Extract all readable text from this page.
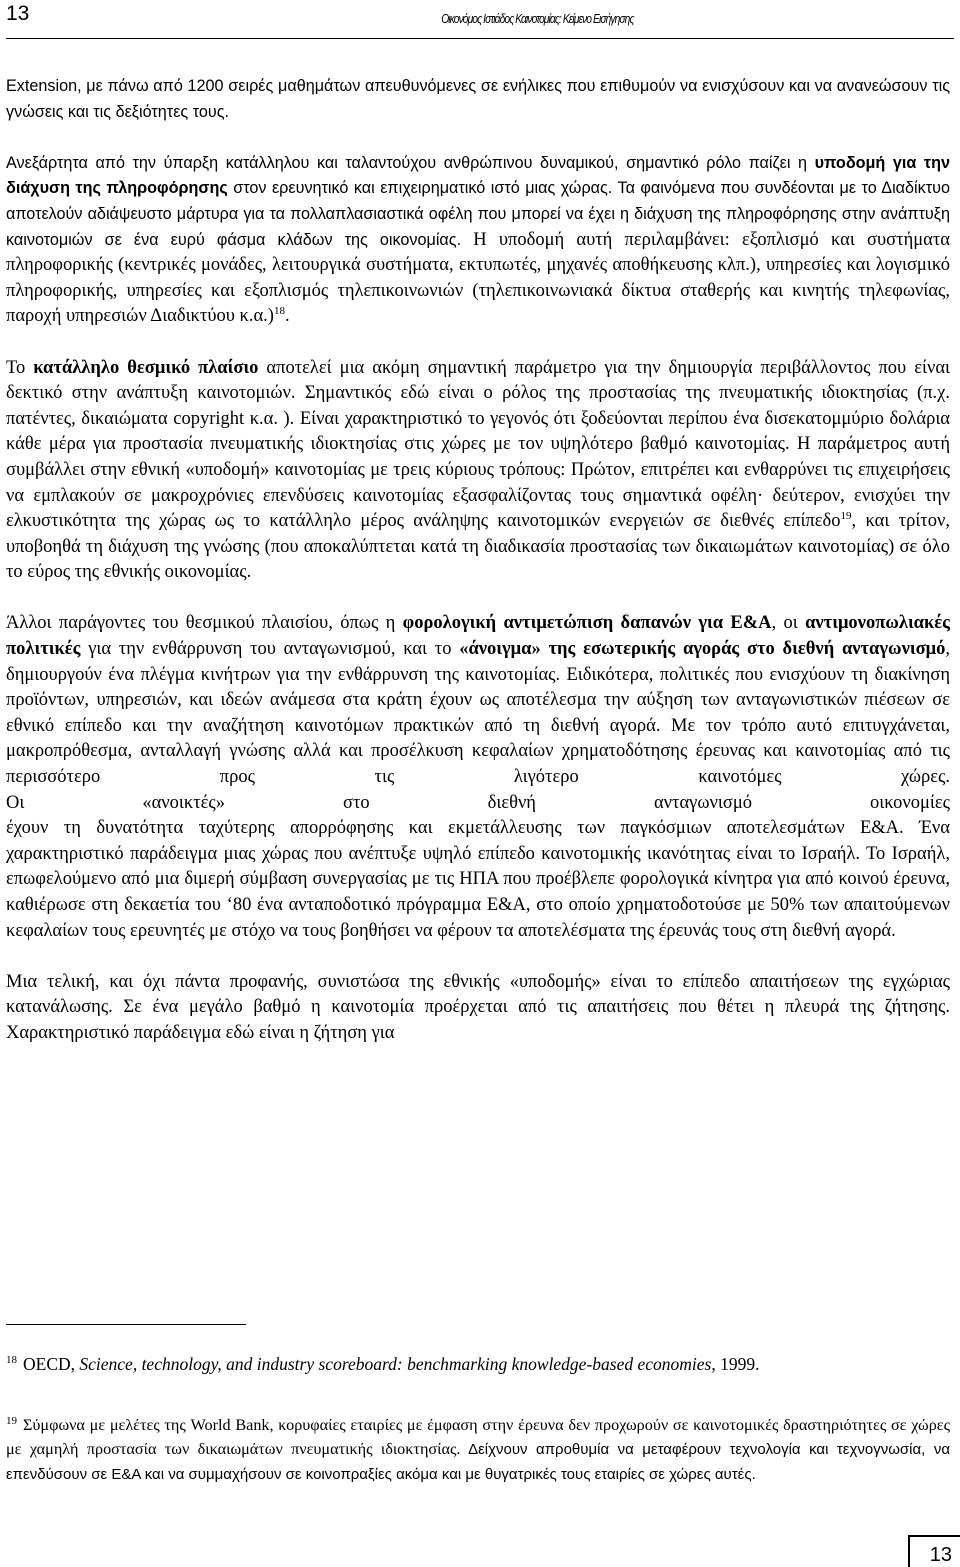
13	Οικονόμος Ιστιάδος Καινοτομίας: Κείμενο Εισήγησης

Extension, με πάνω από 1200 σειρές μαθημάτων απευθυνόμενες σε ενήλικες που επιθυμούν να ενισχύσουν και να ανανεώσουν τις γνώσεις και τις δεξιότητες τους.

Ανεξάρτητα από την ύπαρξη κατάλληλου και ταλαντούχου ανθρώπινου δυναμικού, σημαντικό ρόλο παίζει η υποδομή για την διάχυση της πληροφόρησης στον ερευνητικό και επιχειρηματικό ιστό μιας χώρας. Τα φαινόμενα που συνδέονται με το Διαδίκτυο αποτελούν αδιάψευστο μάρτυρα για τα πολλαπλασιαστικά οφέλη που μπορεί να έχει η διάχυση της πληροφόρησης στην ανάπτυξη καινοτομιών σε ένα ευρύ φάσμα κλάδων της οικονομίας. Η υποδομή αυτή περιλαμβάνει: εξοπλισμό και συστήματα πληροφορικής (κεντρικές μονάδες, λειτουργικά συστήματα, εκτυπωτές, μηχανές αποθήκευσης κλπ.), υπηρεσίες και λογισμικό πληροφορικής, υπηρεσίες και εξοπλισμός τηλεπικοινωνιών (τηλεπικοινωνιακά δίκτυα σταθερής και κινητής τηλεφωνίας, παροχή υπηρεσιών Διαδικτύου κ.α.)$^{18}$.

Το κατάλληλο θεσμικό πλαίσιο αποτελεί μια ακόμη σημαντική παράμετρο για την δημιουργία περιβάλλοντος που είναι δεκτικό στην ανάπτυξη καινοτομιών. Σημαντικός εδώ είναι ο ρόλος της προστασίας της πνευματικής ιδιοκτησίας (π.χ. πατέντες, δικαιώματα copyright κ.α. ). Είναι χαρακτηριστικό το γεγονός ότι ξοδεύονται περίπου ένα δισεκατομμύριο δολάρια κάθε μέρα για προστασία πνευματικής ιδιοκτησίας στις χώρες με τον υψηλότερο βαθμό καινοτομίας. Η παράμετρος αυτή συμβάλλει στην εθνική «υποδομή» καινοτομίας με τρεις κύριους τρόπους: Πρώτον, επιτρέπει και ενθαρρύνει τις επιχειρήσεις να εμπλακούν σε μακροχρόνιες επενδύσεις καινοτομίας εξασφαλίζοντας τους σημαντικά οφέλη· δεύτερον, ενισχύει την ελκυστικότητα της χώρας ως το κατάλληλο μέρος ανάληψης καινοτομικών ενεργειών σε διεθνές επίπεδο$^{19}$, και τρίτον, υποβοηθά τη διάχυση της γνώσης (που αποκαλύπτεται κατά τη διαδικασία προστασίας των δικαιωμάτων καινοτομίας) σε όλο το εύρος της εθνικής οικονομίας.

Άλλοι παράγοντες του θεσμικού πλαισίου, όπως η φορολογική αντιμετώπιση δαπανών για Ε&Α, οι αντιμονοπωλιακές πολιτικές για την ενθάρρυνση του ανταγωνισμού, και το «άνοιγμα» της εσωτερικής αγοράς στο διεθνή ανταγωνισμό, δημιουργούν ένα πλέγμα κινήτρων για την ενθάρρυνση της καινοτομίας. Ειδικότερα, πολιτικές που ενισχύουν τη διακίνηση προϊόντων, υπηρεσιών, και ιδεών ανάμεσα στα κράτη έχουν ως αποτέλεσμα την αύξηση των ανταγωνιστικών πιέσεων σε εθνικό επίπεδο και την αναζήτηση καινοτόμων πρακτικών από τη διεθνή αγορά. Με τον τρόπο αυτό επιτυγχάνεται, μακροπρόθεσμα, ανταλλαγή γνώσης αλλά και προσέλκυση κεφαλαίων χρηματοδότησης έρευνας και καινοτομίας από τις περισσότερο προς τις λιγότερο καινοτόμες χώρες.

Οι «ανοικτές» στο διεθνή ανταγωνισμό οικονομίες

έχουν τη δυνατότητα ταχύτερης απορρόφησης και εκμετάλλευσης των παγκόσμιων αποτελεσμάτων Ε&Α. Ένα χαρακτηριστικό παράδειγμα μιας χώρας που ανέπτυξε υψηλό επίπεδο καινοτομικής ικανότητας είναι το Ισραήλ. Το Ισραήλ, επωφελούμενο από μια διμερή σύμβαση συνεργασίας με τις ΗΠΑ που προέβλεπε φορολογικά κίνητρα για από κοινού έρευνα, καθιέρωσε στη δεκαετία του ‘80 ένα ανταποδοτικό πρόγραμμα Ε&Α, στο οποίο χρηματοδοτούσε με 50% των απαιτούμενων κεφαλαίων τους ερευνητές με στόχο να τους βοηθήσει να φέρουν τα αποτελέσματα της έρευνάς τους στη διεθνή αγορά.

Μια τελική, και όχι πάντα προφανής, συνιστώσα της εθνικής «υποδομής» είναι το επίπεδο απαιτήσεων της εγχώριας κατανάλωσης. Σε ένα μεγάλο βαθμό η καινοτομία προέρχεται από τις απαιτήσεις που θέτει η πλευρά της ζήτησης. Χαρακτηριστικό παράδειγμα εδώ είναι η ζήτηση για

$^{18}$ OECD, Science, technology, and industry scoreboard: benchmarking knowledge-based economies, 1999.
$^{19}$ Σύμφωνα με μελέτες της World Bank, κορυφαίες εταιρίες με έμφαση στην έρευνα δεν προχωρούν σε καινοτομικές δραστηριότητες σε χώρες με χαμηλή προστασία των δικαιωμάτων πνευματικής ιδιοκτησίας. Δείχνουν απροθυμία να μεταφέρουν τεχνολογία και τεχνογνωσία, να επενδύσουν σε Ε&Α και να συμμαχήσουν σε κοινοπραξίες ακόμα και με θυγατρικές τους εταιρίες σε χώρες αυτές.
13
